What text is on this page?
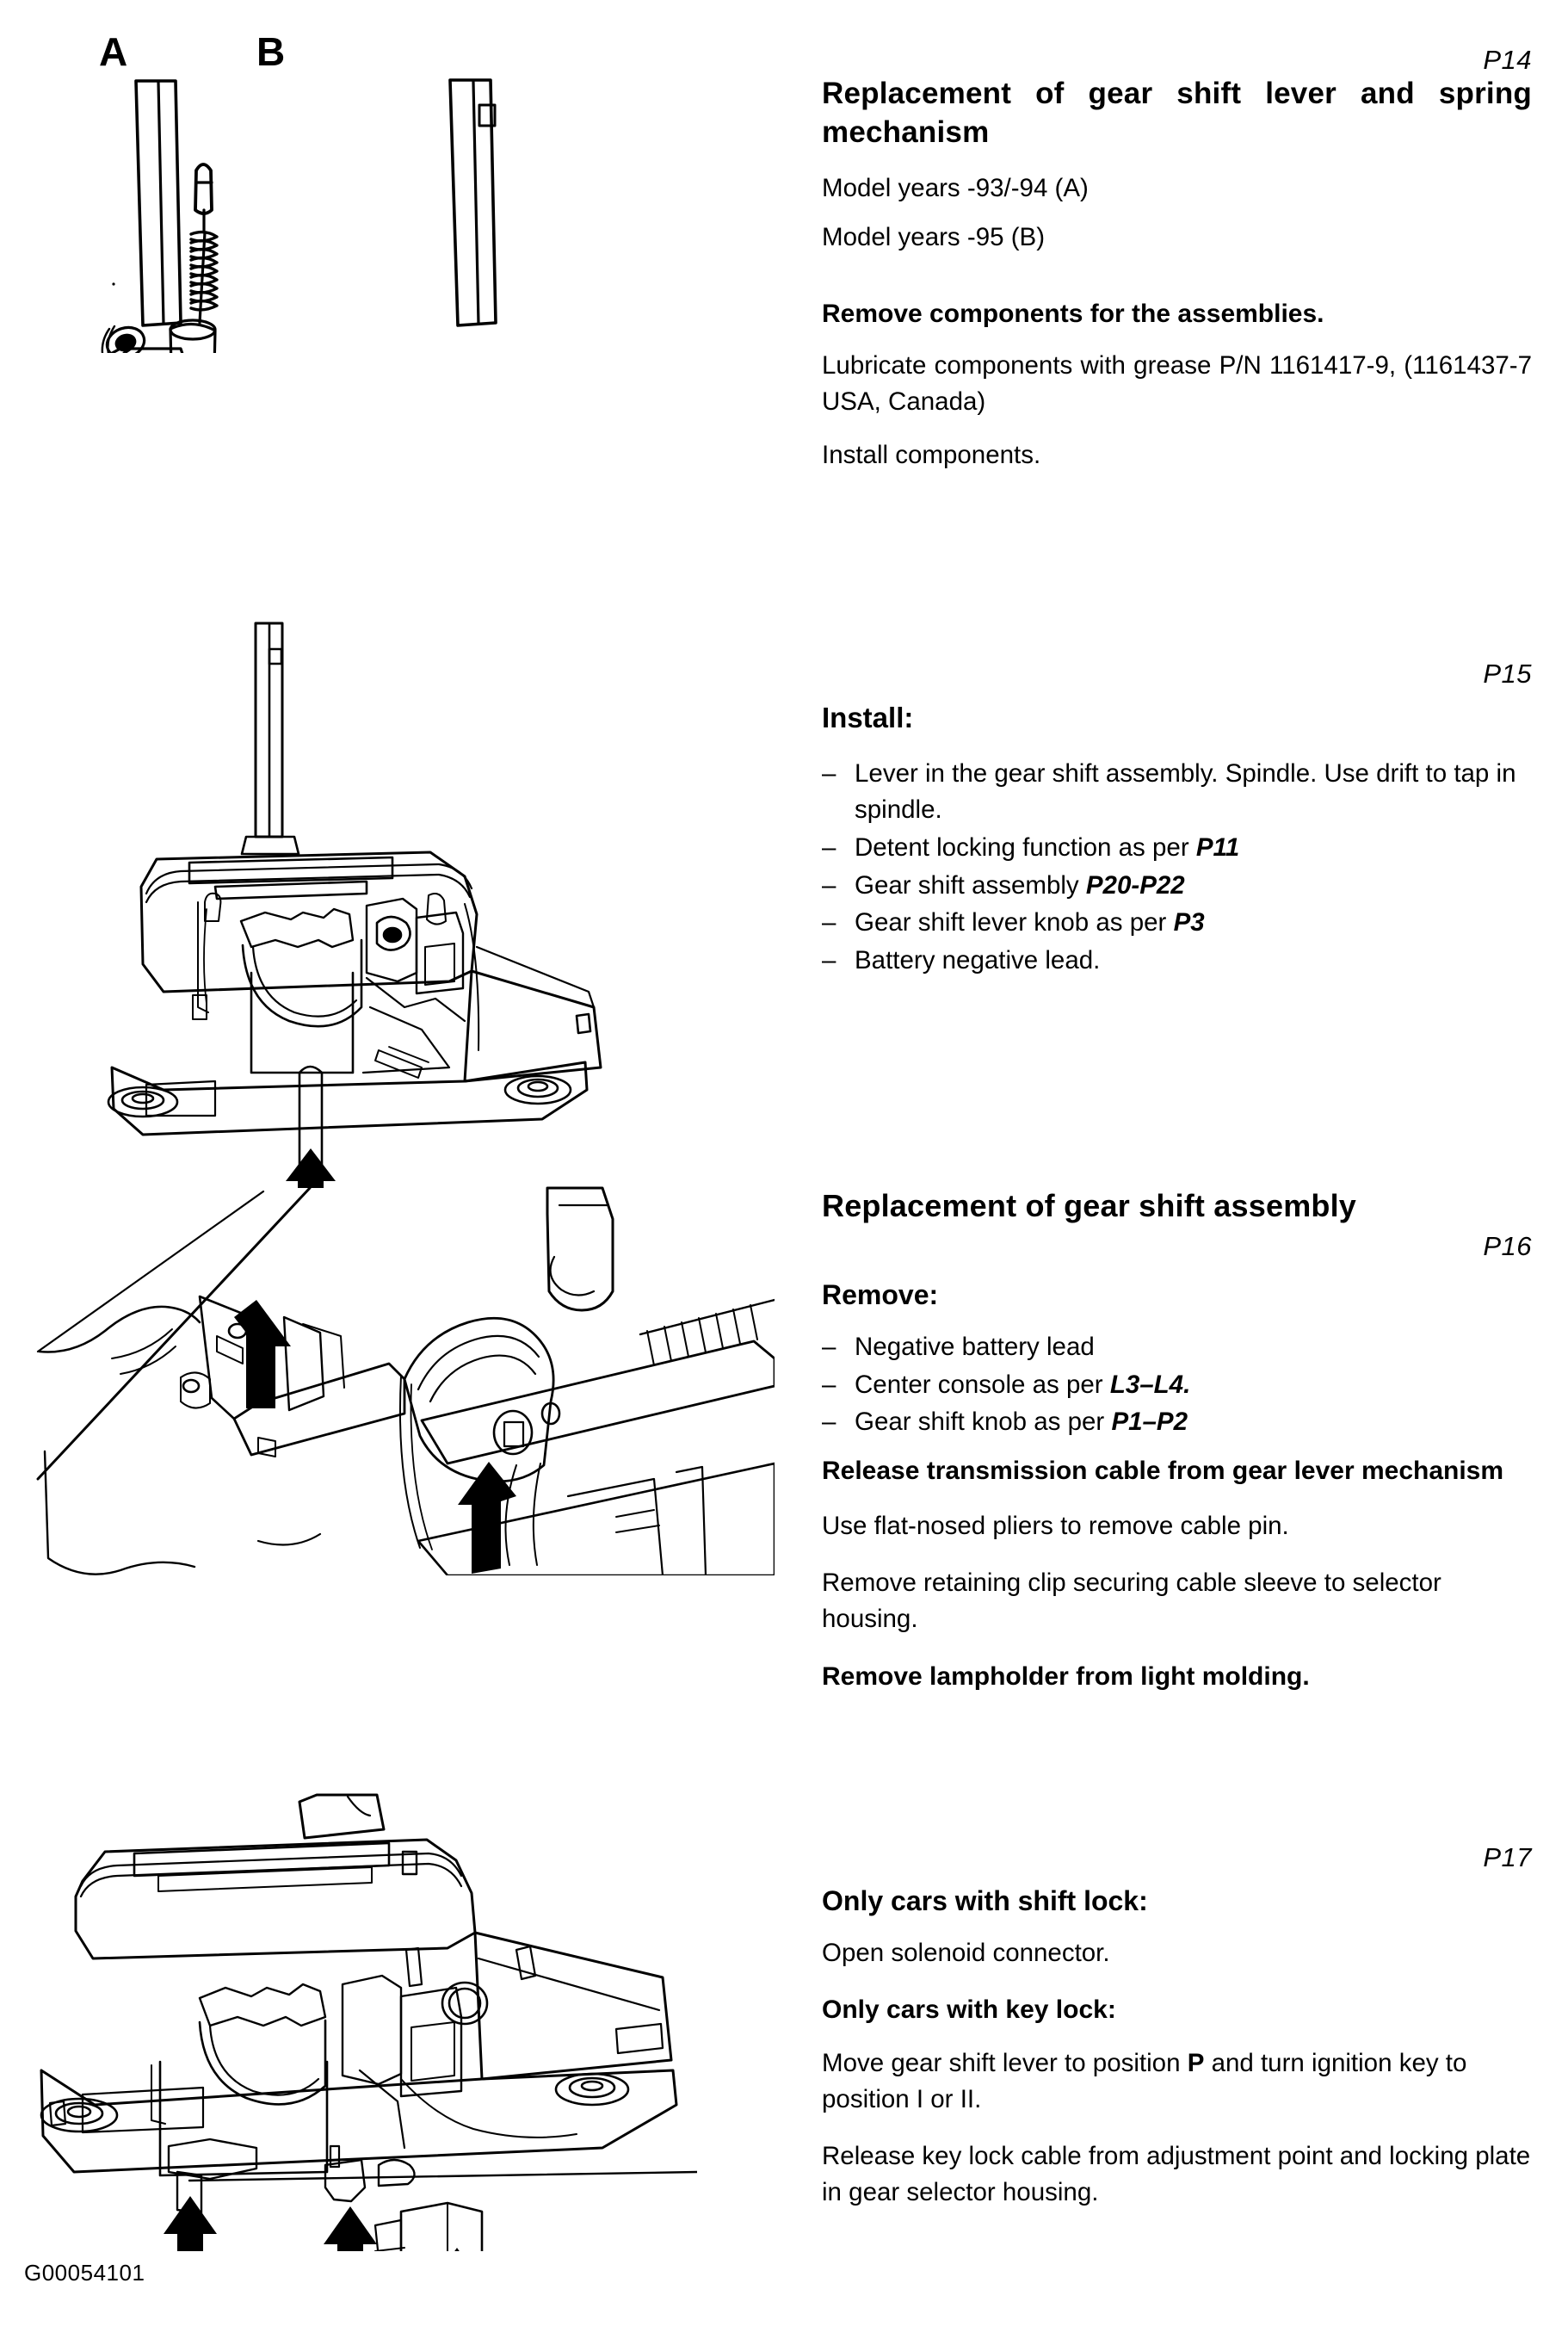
A	B	P14
Replacement of gear shift lever and spring mechanism

Model years -93/-94 (A)

Model years -95 (B)

Remove components for the assemblies.

Lubricate components with grease P/N 1161417-9, (1161437-7 USA, Canada)

Install components.

P15
Install:
– Lever in the gear shift assembly. Spindle. Use drift to tap in spindle.
– Detent locking function as per P11
– Gear shift assembly P20-P22
– Gear shift lever knob as per P3
– Battery negative lead.
Replacement of gear shift assembly
P16
Remove:
– Negative battery lead
– Center console as per L3–L4.
– Gear shift knob as per P1–P2
Release transmission cable from gear lever mechanism

Use flat-nosed pliers to remove cable pin.

Remove retaining clip securing cable sleeve to selector housing.

Remove lampholder from light molding.
P17
Only cars with shift lock:

Open solenoid connector.

Only cars with key lock:

Move gear shift lever to position P and turn ignition key to position I or II.

Release key lock cable from adjustment point and locking plate in gear selector housing.

G00054101
